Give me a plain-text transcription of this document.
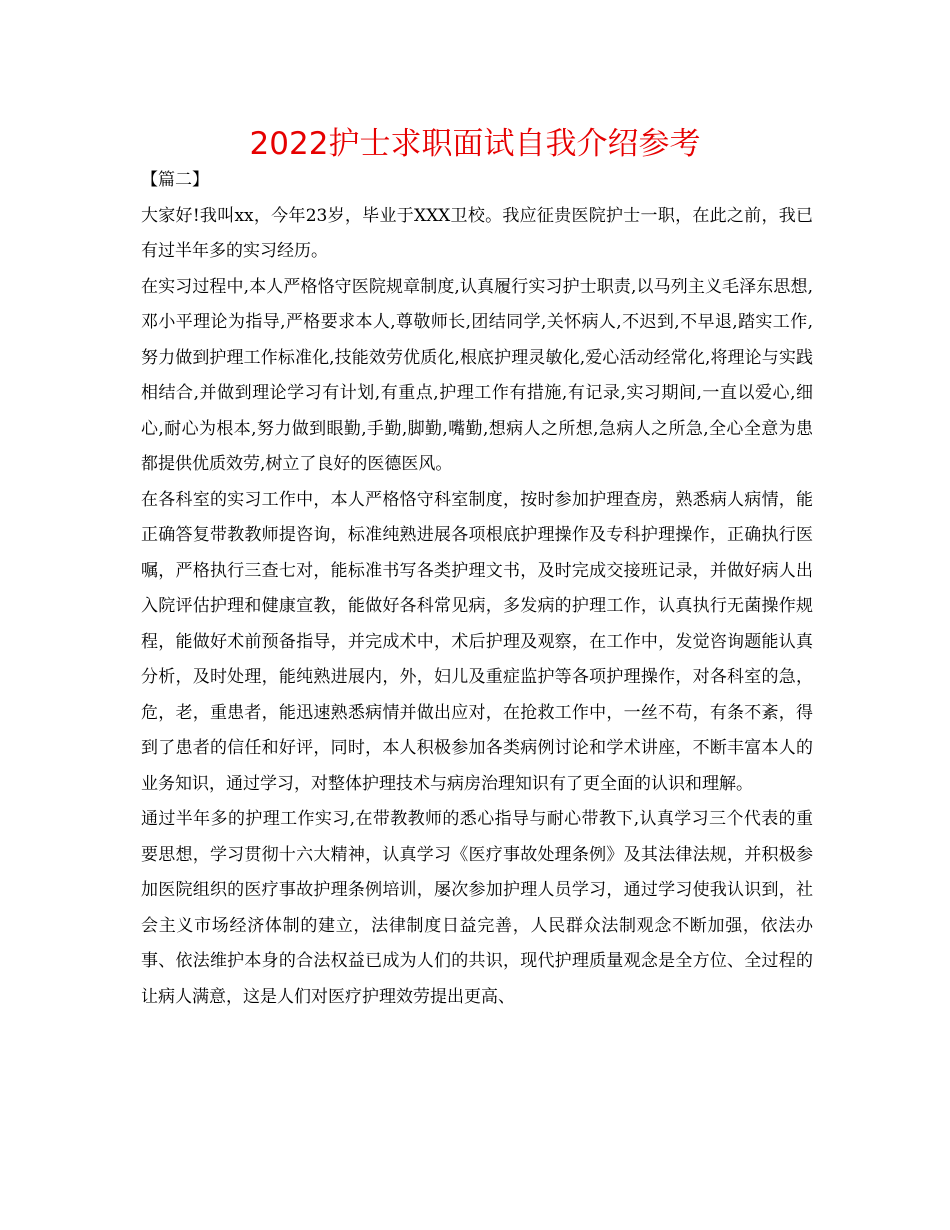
2022护士求职面试自我介绍参考

【篇二】

大家好!我叫xx，今年23岁，毕业于XXX卫校。我应征贵医院护士一职，在此之前，我已有过半年多的实习经历。

在实习过程中,本人严格恪守医院规章制度,认真履行实习护士职责,以马列主义毛泽东思想,邓小平理论为指导,严格要求本人,尊敬师长,团结同学,关怀病人,不迟到,不早退,踏实工作,努力做到护理工作标准化,技能效劳优质化,根底护理灵敏化,爱心活动经常化,将理论与实践相结合,并做到理论学习有计划,有重点,护理工作有措施,有记录,实习期间,一直以爱心,细心,耐心为根本,努力做到眼勤,手勤,脚勤,嘴勤,想病人之所想,急病人之所急,全心全意为患都提供优质效劳,树立了良好的医德医风。

在各科室的实习工作中，本人严格恪守科室制度，按时参加护理查房，熟悉病人病情，能正确答复带教教师提咨询，标准纯熟进展各项根底护理操作及专科护理操作，正确执行医嘱，严格执行三查七对，能标准书写各类护理文书，及时完成交接班记录，并做好病人出入院评估护理和健康宣教，能做好各科常见病，多发病的护理工作，认真执行无菌操作规程，能做好术前预备指导，并完成术中，术后护理及观察，在工作中，发觉咨询题能认真分析，及时处理，能纯熟进展内，外，妇儿及重症监护等各项护理操作，对各科室的急，危，老，重患者，能迅速熟悉病情并做出应对，在抢救工作中，一丝不苟，有条不紊，得到了患者的信任和好评，同时，本人积极参加各类病例讨论和学术讲座，不断丰富本人的业务知识，通过学习，对整体护理技术与病房治理知识有了更全面的认识和理解。

通过半年多的护理工作实习,在带教教师的悉心指导与耐心带教下,认真学习三个代表的重要思想，学习贯彻十六大精神，认真学习《医疗事故处理条例》及其法律法规，并积极参加医院组织的医疗事故护理条例培训，屡次参加护理人员学习，通过学习使我认识到，社会主义市场经济体制的建立，法律制度日益完善，人民群众法制观念不断加强，依法办事、依法维护本身的合法权益已成为人们的共识，现代护理质量观念是全方位、全过程的让病人满意，这是人们对医疗护理效劳提出更高、
